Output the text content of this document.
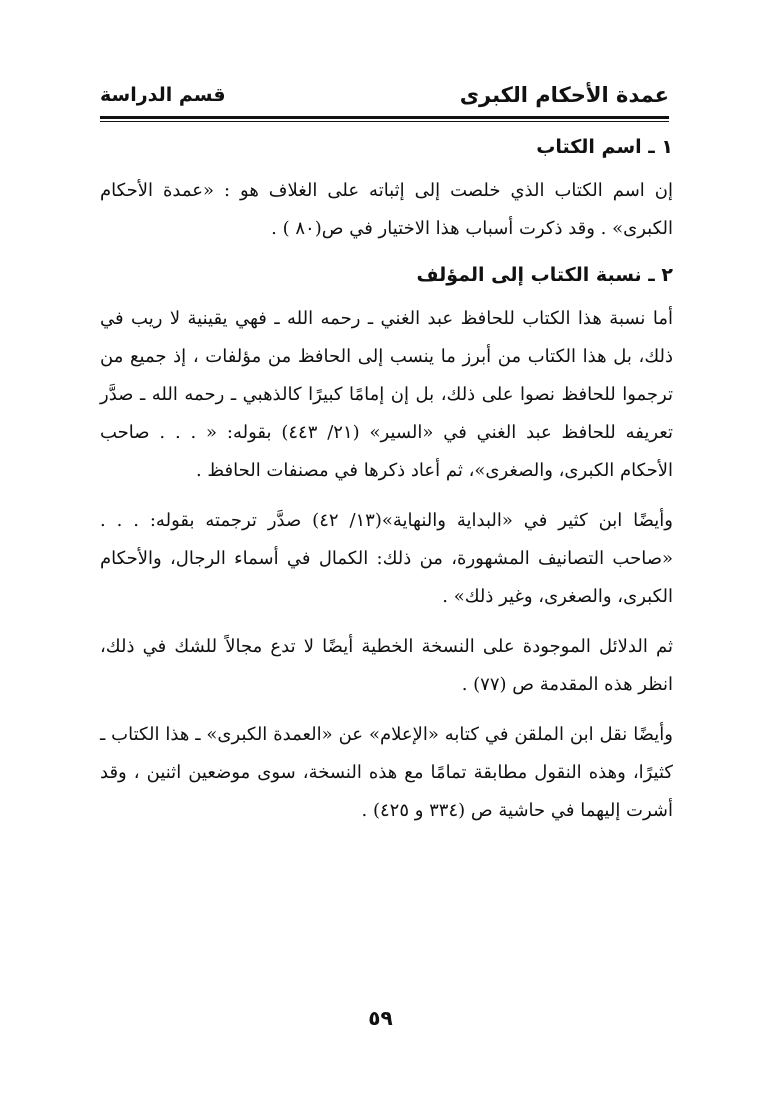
عمدة الأحكام الكبرى
قسم الدراسة
١ ـ اسم الكتاب

إن اسم الكتاب الذي خلصت إلى إثباته على الغلاف هو : «عمدة الأحكام الكبرى» . وقد ذكرت أسباب هذا الاختيار في ص(٨٠ ) .

٢ ـ نسبة الكتاب إلى المؤلف

أما نسبة هذا الكتاب للحافظ عبد الغني ـ رحمه الله ـ فهي يقينية لا ريب في ذلك، بل هذا الكتاب من أبرز ما ينسب إلى الحافظ من مؤلفات ، إذ جميع من ترجموا للحافظ نصوا على ذلك، بل إن إمامًا كبيرًا كالذهبي ـ رحمه الله ـ صدَّر تعريفه للحافظ عبد الغني في «السير» (٢١/ ٤٤٣) بقوله: « . . . صاحب الأحكام الكبرى، والصغرى»، ثم أعاد ذكرها في مصنفات الحافظ .

وأيضًا ابن كثير في «البداية والنهاية»(١٣/ ٤٢) صدَّر ترجمته بقوله: . . . «صاحب التصانيف المشهورة، من ذلك: الكمال في أسماء الرجال، والأحكام الكبرى، والصغرى، وغير ذلك» .

ثم الدلائل الموجودة على النسخة الخطية أيضًا لا تدع مجالاً للشك في ذلك، انظر هذه المقدمة ص (٧٧) .

وأيضًا نقل ابن الملقن في كتابه «الإعلام» عن «العمدة الكبرى» ـ هذا الكتاب ـ كثيرًا، وهذه النقول مطابقة تمامًا مع هذه النسخة، سوى موضعين اثنين ، وقد أشرت إليهما في حاشية ص (٣٣٤ و ٤٢٥) .

٥٩
